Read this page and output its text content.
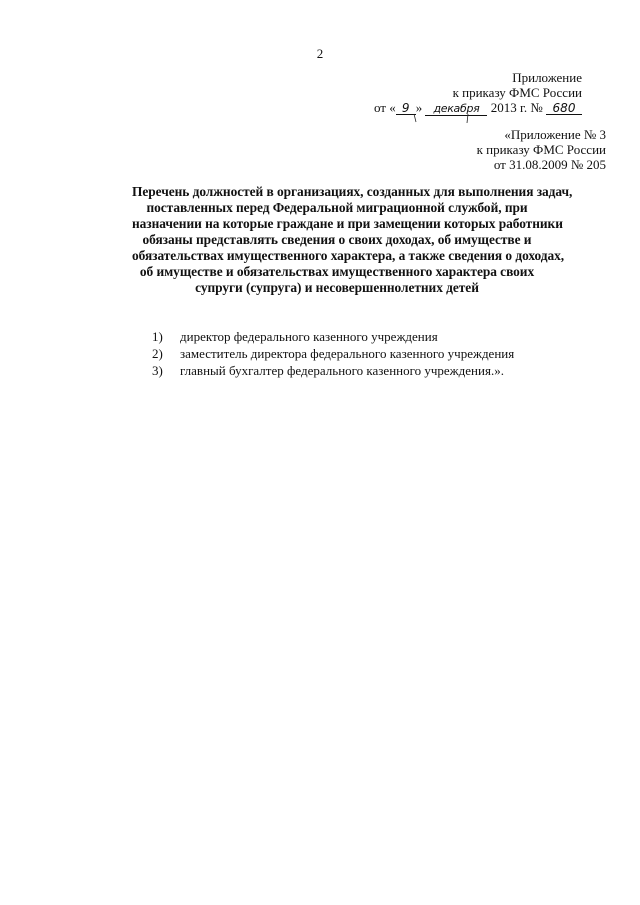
2
Приложение
к приказу ФМС России
от « 9 » декабря 2013 г. № 680
«Приложение № 3
к приказу ФМС России
от 31.08.2009 № 205
Перечень должностей в организациях, созданных для выполнения задач,
поставленных перед Федеральной миграционной службой, при
назначении на которые граждане и при замещении которых работники
обязаны представлять сведения о своих доходах, об имуществе и
обязательствах имущественного характера, а также сведения о доходах,
об имуществе и обязательствах имущественного характера своих
супруги (супруга) и несовершеннолетних детей
1) директор федерального казенного учреждения
2) заместитель директора федерального казенного учреждения
3) главный бухгалтер федерального казенного учреждения.».
